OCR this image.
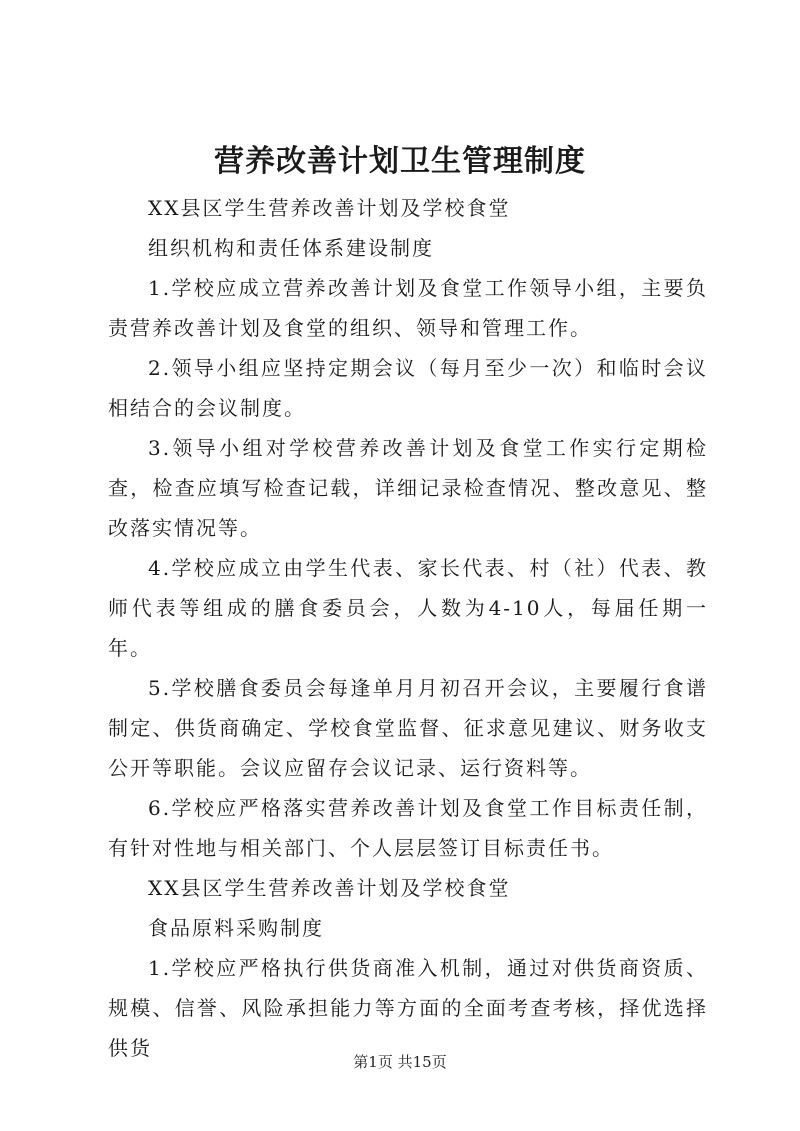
营养改善计划卫生管理制度

XX县区学生营养改善计划及学校食堂

组织机构和责任体系建设制度

1.学校应成立营养改善计划及食堂工作领导小组，主要负责营养改善计划及食堂的组织、领导和管理工作。

2.领导小组应坚持定期会议（每月至少一次）和临时会议相结合的会议制度。

3.领导小组对学校营养改善计划及食堂工作实行定期检查，检查应填写检查记载，详细记录检查情况、整改意见、整改落实情况等。

4.学校应成立由学生代表、家长代表、村（社）代表、教师代表等组成的膳食委员会，人数为4-10人，每届任期一年。

5.学校膳食委员会每逢单月月初召开会议，主要履行食谱制定、供货商确定、学校食堂监督、征求意见建议、财务收支公开等职能。会议应留存会议记录、运行资料等。

6.学校应严格落实营养改善计划及食堂工作目标责任制，有针对性地与相关部门、个人层层签订目标责任书。

XX县区学生营养改善计划及学校食堂

食品原料采购制度

1.学校应严格执行供货商准入机制，通过对供货商资质、规模、信誉、风险承担能力等方面的全面考查考核，择优选择供货

第1页 共15页
